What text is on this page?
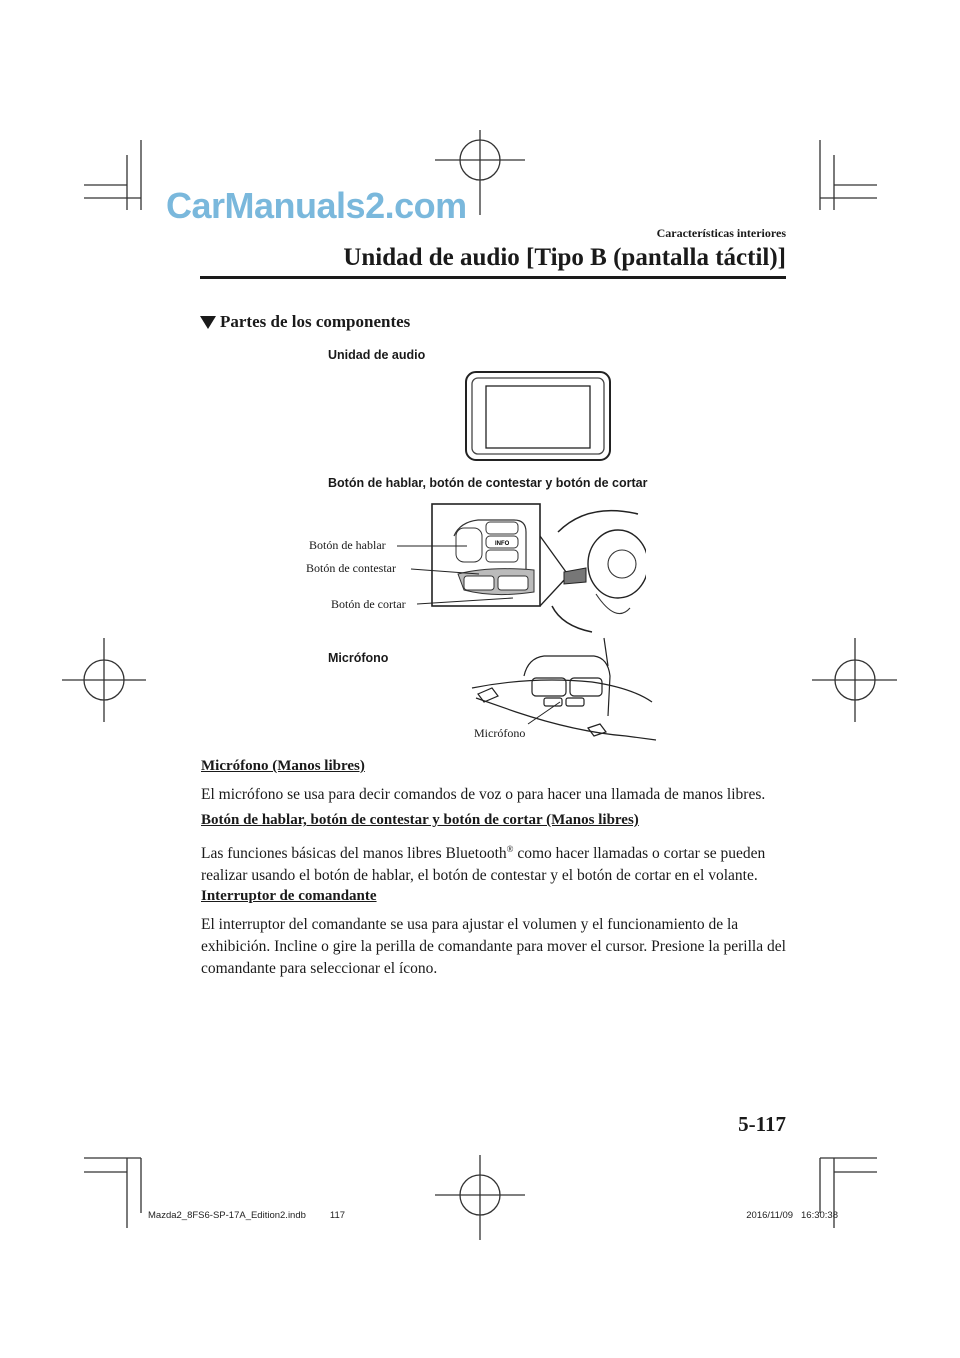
CarManuals2.com
Características interiores
Unidad de audio [Tipo B (pantalla táctil)]
Partes de los componentes
Unidad de audio
Botón de hablar, botón de contestar y botón de cortar
INFO
Botón de hablar
Botón de contestar
Botón de cortar
Micrófono
Micrófono
Micrófono (Manos libres)
El micrófono se usa para decir comandos de voz o para hacer una llamada de manos libres.
Botón de hablar, botón de contestar y botón de cortar (Manos libres)
Las funciones básicas del manos libres Bluetooth® como hacer llamadas o cortar se pueden realizar usando el botón de hablar, el botón de contestar y el botón de cortar en el volante.
Interruptor de comandante
El interruptor del comandante se usa para ajustar el volumen y el funcionamiento de la exhibición. Incline o gire la perilla de comandante para mover el cursor. Presione la perilla del comandante para seleccionar el ícono.
5-117
Mazda2_8FS6-SP-17A_Edition2.indb	117	2016/11/09 16:30:38
